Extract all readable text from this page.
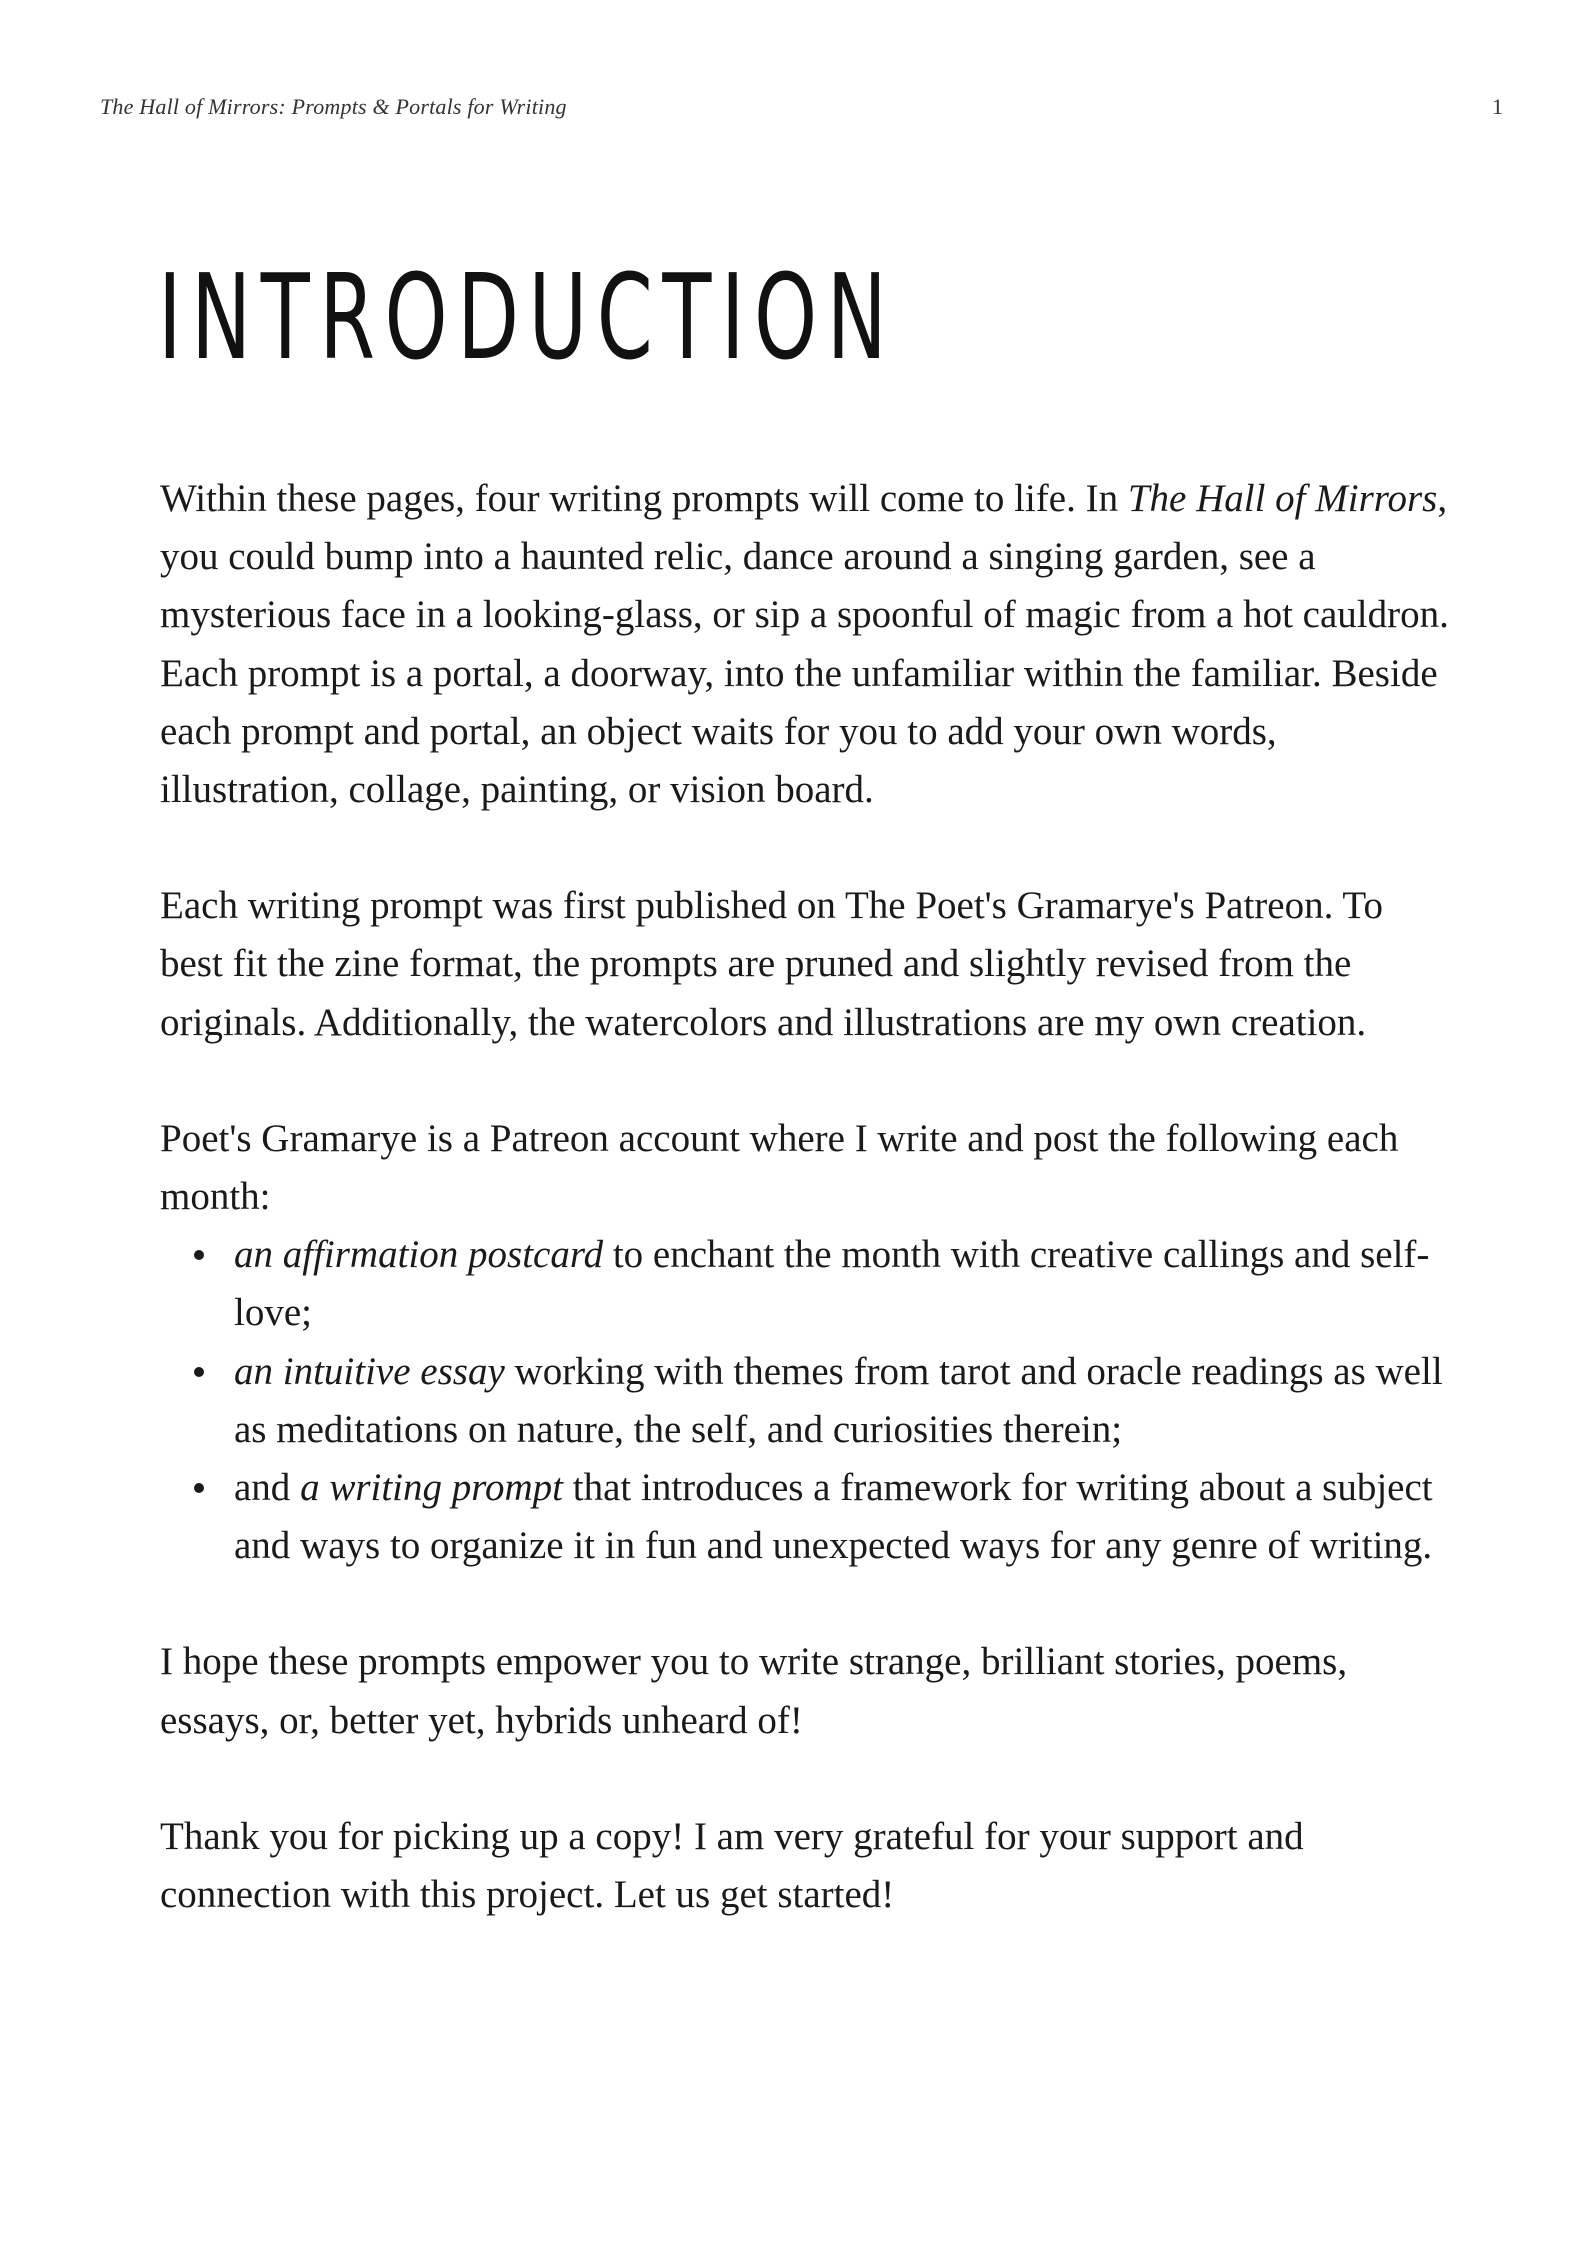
The Hall of Mirrors: Prompts & Portals for Writing	1
INTRODUCTION

Within these pages, four writing prompts will come to life. In The Hall of Mirrors, you could bump into a haunted relic, dance around a singing garden, see a mysterious face in a looking-glass, or sip a spoonful of magic from a hot cauldron. Each prompt is a portal, a doorway, into the unfamiliar within the familiar. Beside each prompt and portal, an object waits for you to add your own words, illustration, collage, painting, or vision board.

Each writing prompt was first published on The Poet's Gramarye's Patreon. To best fit the zine format, the prompts are pruned and slightly revised from the originals. Additionally, the watercolors and illustrations are my own creation.

Poet's Gramarye is a Patreon account where I write and post the following each month:

an affirmation postcard to enchant the month with creative callings and self-love;
an intuitive essay working with themes from tarot and oracle readings as well as meditations on nature, the self, and curiosities therein;
and a writing prompt that introduces a framework for writing about a subject and ways to organize it in fun and unexpected ways for any genre of writing.

I hope these prompts empower you to write strange, brilliant stories, poems, essays, or, better yet, hybrids unheard of!

Thank you for picking up a copy! I am very grateful for your support and connection with this project. Let us get started!
